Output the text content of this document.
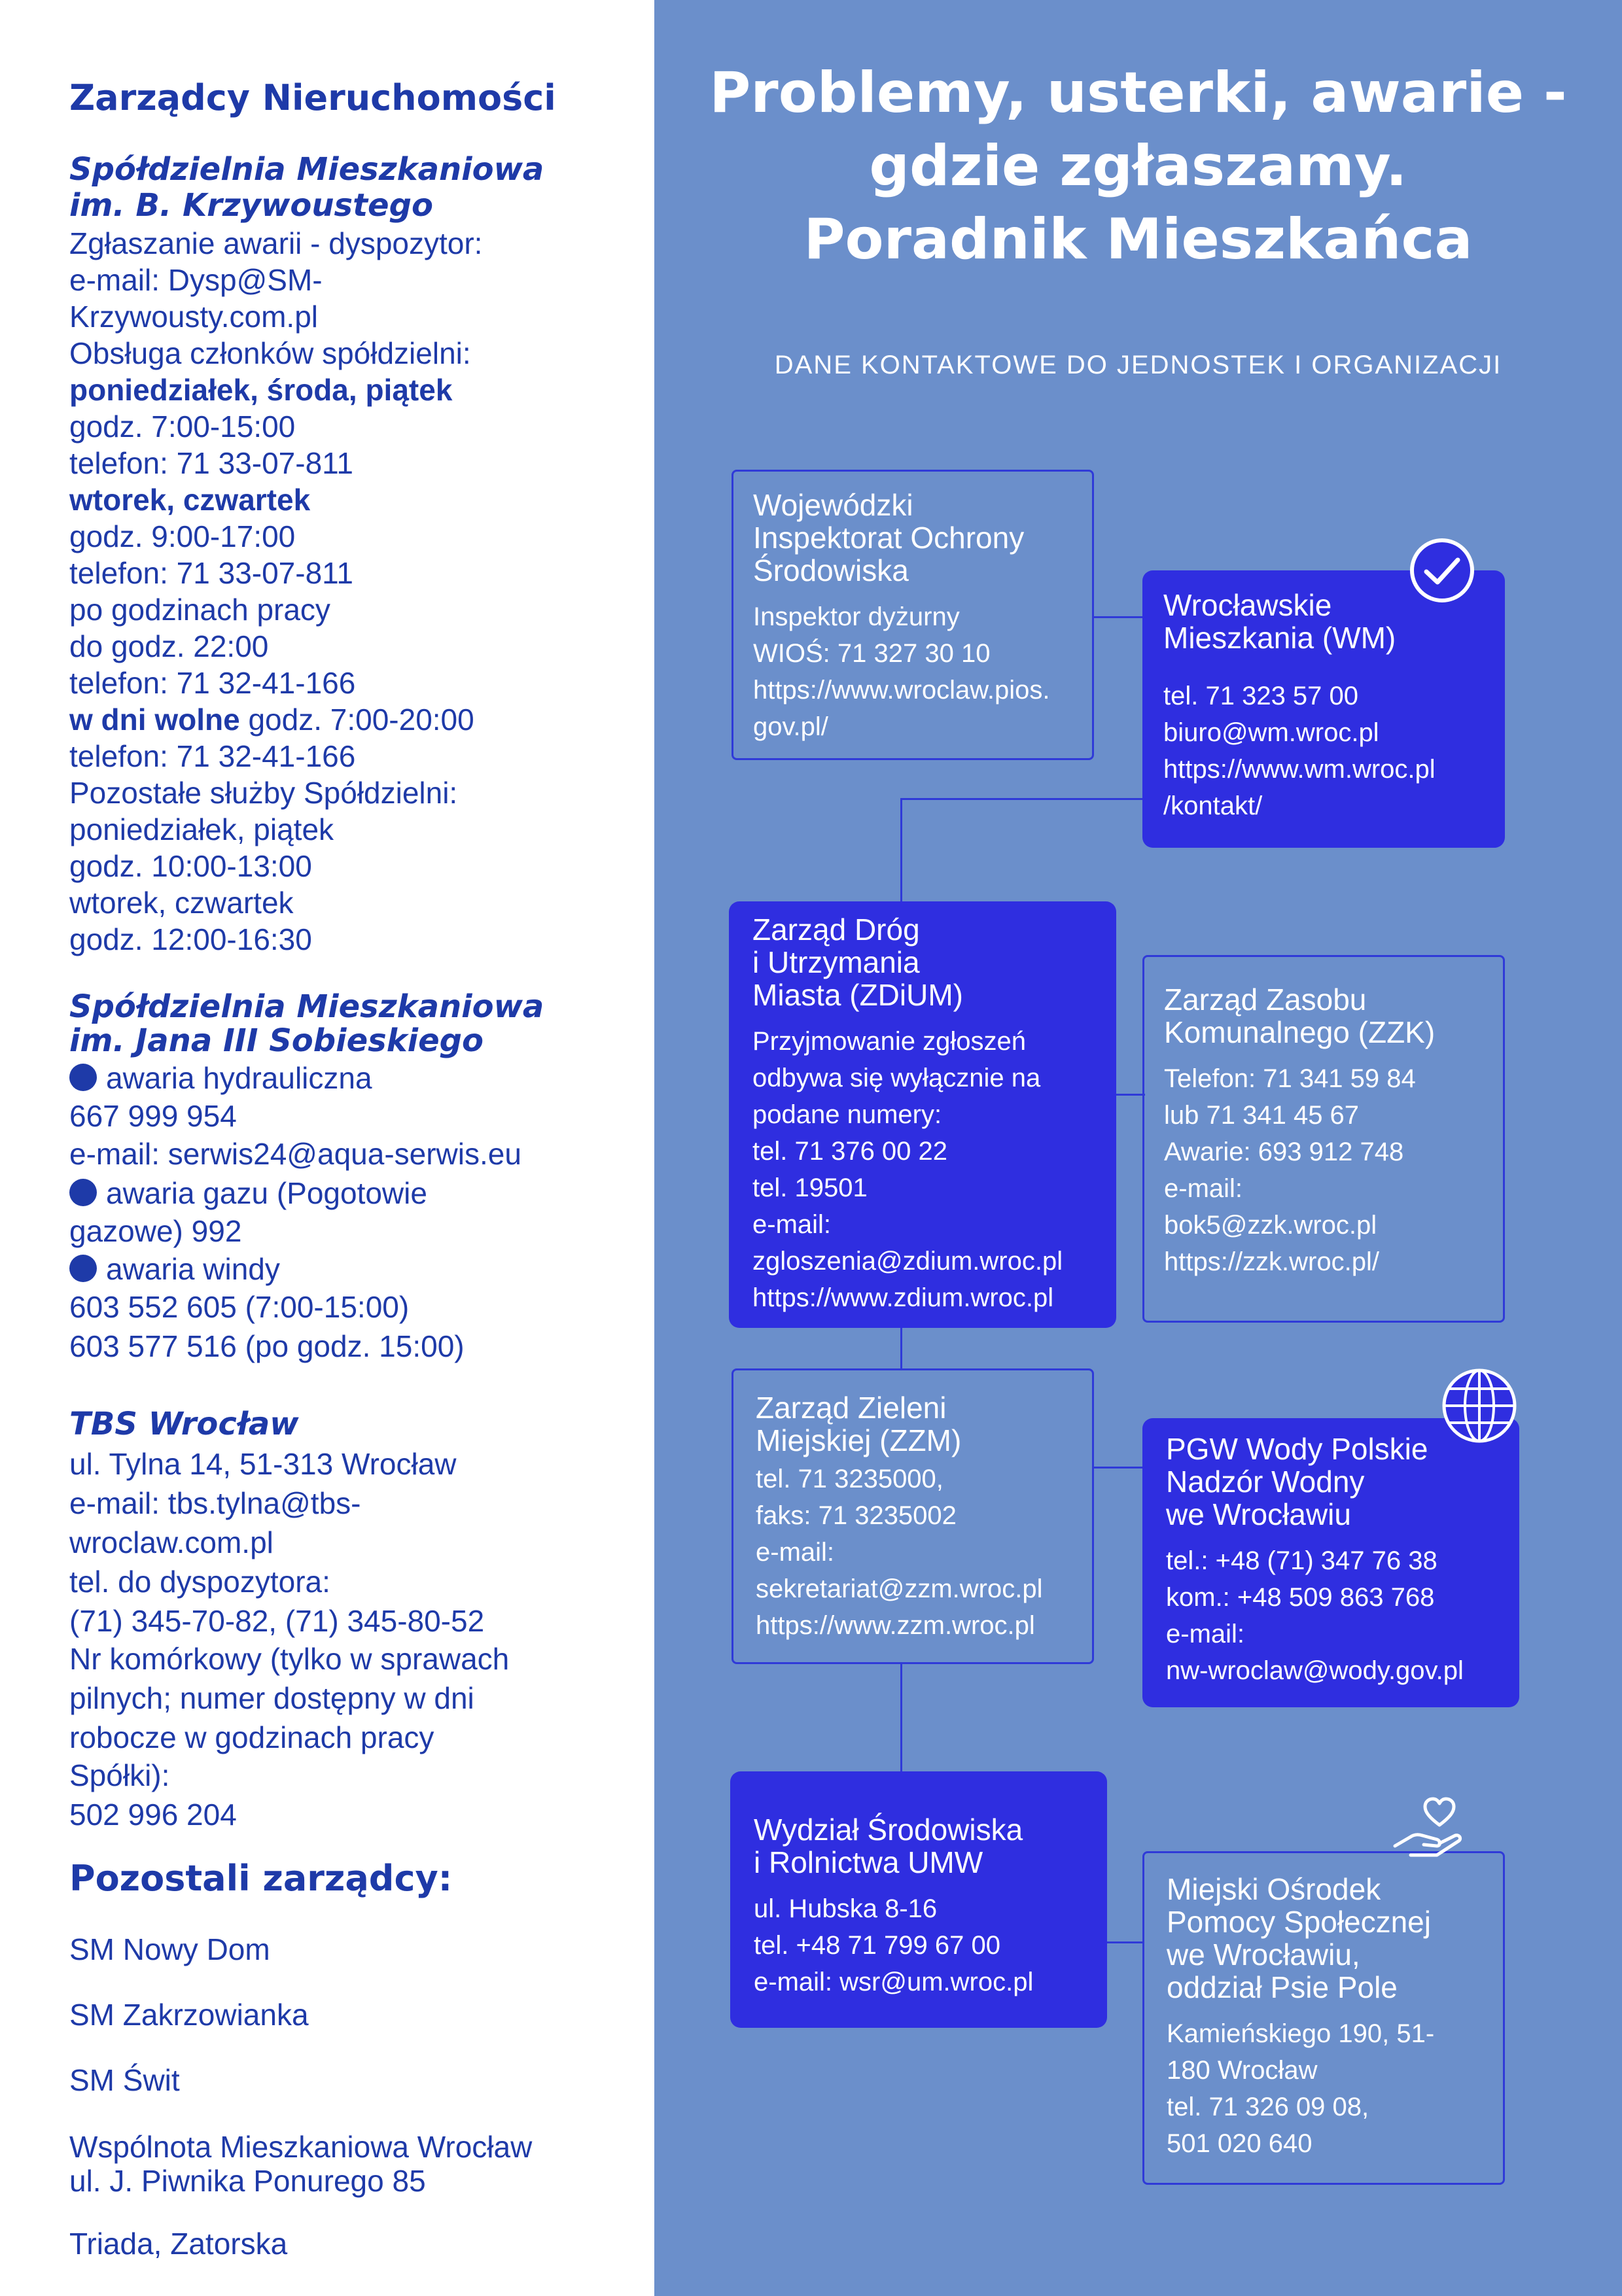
Zarządcy Nieruchomości
Spółdzielnia Mieszkaniowa
im. B. Krzywoustego
Zgłaszanie awarii - dyspozytor:
e-mail: Dysp@SM-
Krzywousty.com.pl
Obsługa członków spółdzielni:
poniedziałek, środa, piątek
godz. 7:00-15:00
telefon: 71 33-07-811
wtorek, czwartek
godz. 9:00-17:00
telefon: 71 33-07-811
po godzinach pracy
do godz. 22:00
telefon: 71 32-41-166
w dni wolne godz. 7:00-20:00
telefon: 71 32-41-166
Pozostałe służby Spółdzielni:
poniedziałek, piątek
godz. 10:00-13:00
wtorek, czwartek
godz. 12:00-16:30
Spółdzielnia Mieszkaniowa
im. Jana III Sobieskiego
awaria hydrauliczna
667 999 954
e-mail: serwis24@aqua-serwis.eu
awaria gazu (Pogotowie
gazowe) 992
awaria windy
603 552 605 (7:00-15:00)
603 577 516 (po godz. 15:00)
TBS Wrocław
ul. Tylna 14, 51-313 Wrocław
e-mail: tbs.tylna@tbs-
wroclaw.com.pl
tel. do dyspozytora:
(71) 345-70-82, (71) 345-80-52
Nr komórkowy (tylko w sprawach
pilnych; numer dostępny w dni
robocze w godzinach pracy
Spółki):
502 996 204
Pozostali zarządcy:
SM Nowy Dom
SM Zakrzowianka
SM Świt
Wspólnota Mieszkaniowa Wrocław
ul. J. Piwnika Ponurego 85
Triada, Zatorska
Problemy, usterki, awarie -
gdzie zgłaszamy.
Poradnik Mieszkańca
DANE KONTAKTOWE DO JEDNOSTEK I ORGANIZACJI
Wojewódzki
Inspektorat Ochrony
Środowiska
Inspektor dyżurny
WIOŚ: 71 327 30 10
https://www.wroclaw.pios.
gov.pl/
Wrocławskie
Mieszkania (WM)
tel. 71 323 57 00
biuro@wm.wroc.pl
https://www.wm.wroc.pl
/kontakt/
Zarząd Dróg
i Utrzymania
Miasta (ZDiUM)
Przyjmowanie zgłoszeń
odbywa się wyłącznie na
podane numery:
tel. 71 376 00 22
tel. 19501
e-mail:
zgloszenia@zdium.wroc.pl
https://www.zdium.wroc.pl
Zarząd Zasobu
Komunalnego (ZZK)
Telefon: 71 341 59 84
lub 71 341 45 67
Awarie: 693 912 748
e-mail:
bok5@zzk.wroc.pl
https://zzk.wroc.pl/
Zarząd Zieleni
Miejskiej (ZZM)
tel. 71 3235000,
faks: 71 3235002
e-mail:
sekretariat@zzm.wroc.pl
https://www.zzm.wroc.pl
PGW Wody Polskie
Nadzór Wodny
we Wrocławiu
tel.: +48 (71) 347 76 38
kom.: +48 509 863 768
e-mail:
nw-wroclaw@wody.gov.pl
Wydział Środowiska
i Rolnictwa UMW
ul. Hubska 8-16
tel. +48 71 799 67 00
e-mail: wsr@um.wroc.pl
Miejski Ośrodek
Pomocy Społecznej
we Wrocławiu,
oddział Psie Pole
Kamieńskiego 190, 51-
180 Wrocław
tel. 71 326 09 08,
501 020 640
